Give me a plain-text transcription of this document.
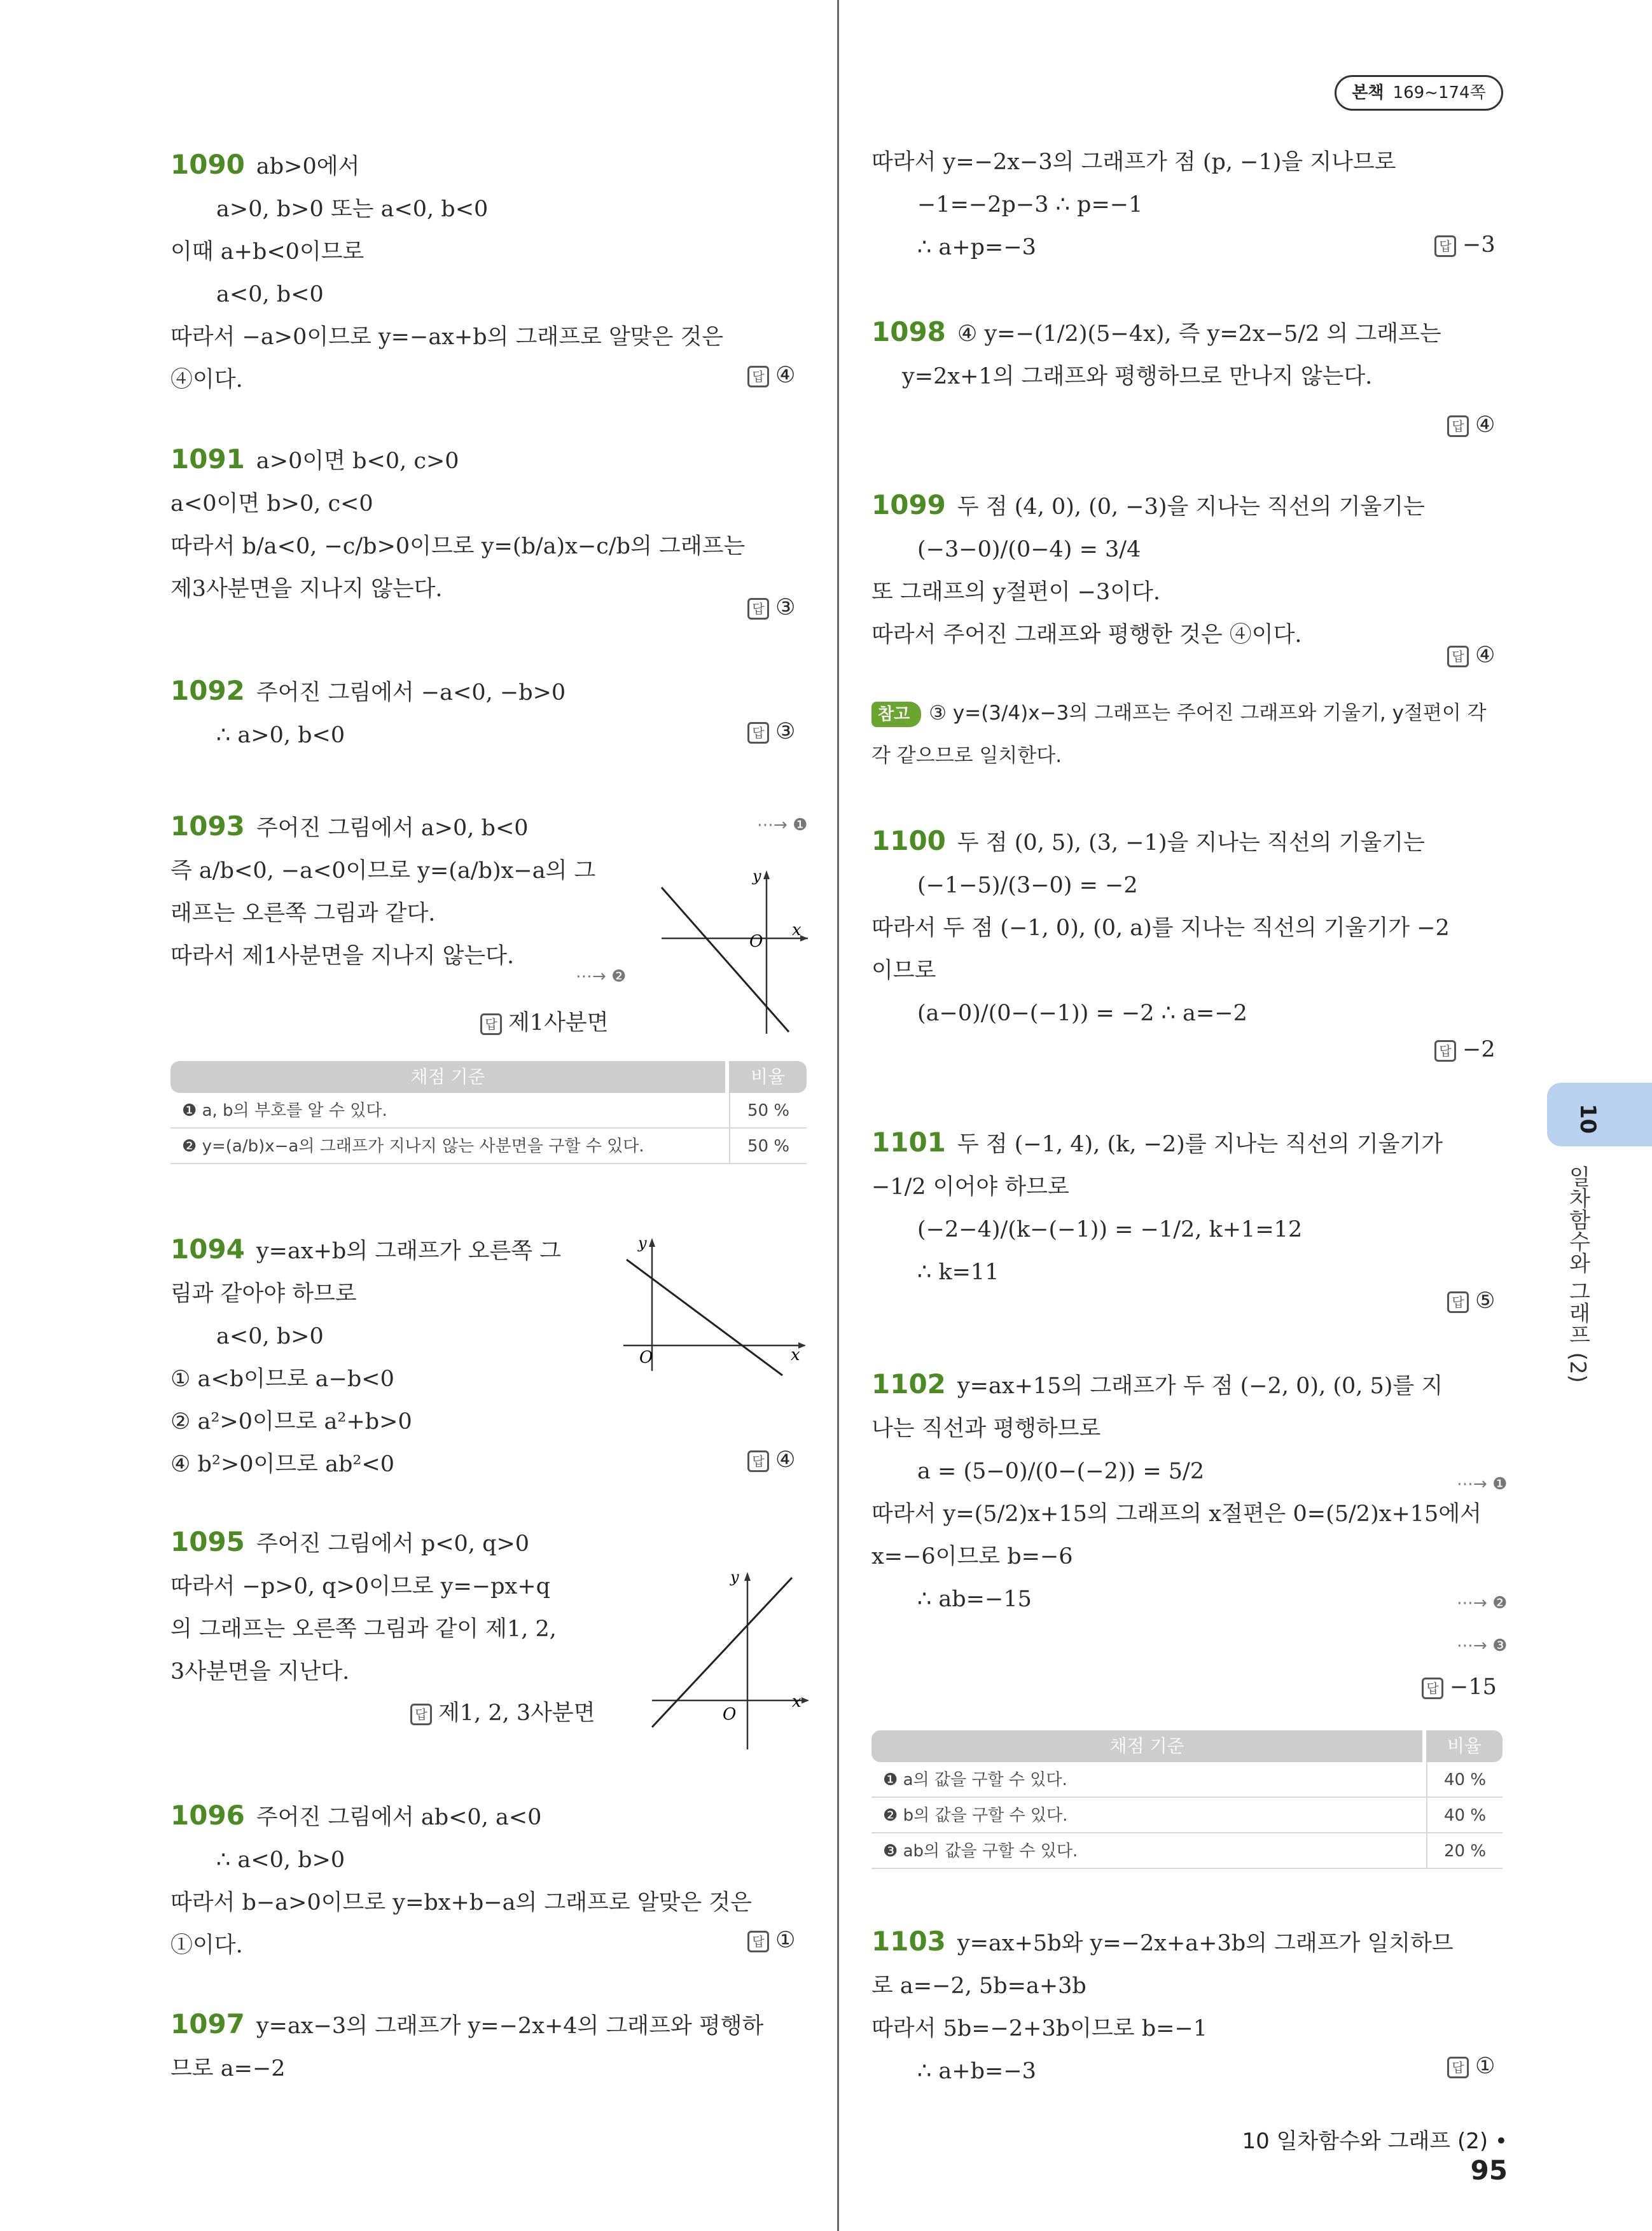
본책 169~174쪽
10
일차함수와 그래프 (2)
1090 ab>0에서
a>0, b>0 또는 a<0, b<0
이때 a+b<0이므로
a<0, b<0
따라서 −a>0이므로 y=−ax+b의 그래프로 알맞은 것은
④이다.	답 ④
1091 a>0이면 b<0, c>0
a<0이면 b>0, c<0
따라서 b/a<0, −c/b>0이므로 y=(b/a)x−c/b의 그래프는
제3사분면을 지나지 않는다.
답 ③
1092 주어진 그림에서 −a<0, −b>0
∴ a>0, b<0	답 ③
1093 주어진 그림에서 a>0, b<0
즉 a/b<0, −a<0이므로 y=(a/b)x−a의 그
래프는 오른쪽 그림과 같다.
따라서 제1사분면을 지나지 않는다.
⋯→ ❶
⋯→ ❷
답 제1사분면
y
x
O
채점 기준	비율
❶ a, b의 부호를 알 수 있다.	50 %
❷ y=(a/b)x−a의 그래프가 지나지 않는 사분면을 구할 수 있다.	50 %
1094 y=ax+b의 그래프가 오른쪽 그
림과 같아야 하므로
a<0, b>0
① a<b이므로 a−b<0
② a²>0이므로 a²+b>0
④ b²>0이므로 ab²<0	답 ④
y
x
O
1095 주어진 그림에서 p<0, q>0
따라서 −p>0, q>0이므로 y=−px+q
의 그래프는 오른쪽 그림과 같이 제1, 2,
3사분면을 지난다.
답 제1, 2, 3사분면
y
x
O
1096 주어진 그림에서 ab<0, a<0
∴ a<0, b>0
따라서 b−a>0이므로 y=bx+b−a의 그래프로 알맞은 것은
①이다.	답 ①
1097 y=ax−3의 그래프가 y=−2x+4의 그래프와 평행하
므로 a=−2
따라서 y=−2x−3의 그래프가 점 (p, −1)을 지나므로
−1=−2p−3 ∴ p=−1
∴ a+p=−3	답 −3
1098 ④ y=−(1/2)(5−4x), 즉 y=2x−5/2 의 그래프는
y=2x+1의 그래프와 평행하므로 만나지 않는다.
답 ④
1099 두 점 (4, 0), (0, −3)을 지나는 직선의 기울기는
(−3−0)/(0−4) = 3/4
또 그래프의 y절편이 −3이다.
따라서 주어진 그래프와 평행한 것은 ④이다.
답 ④
참고 ③ y=(3/4)x−3의 그래프는 주어진 그래프와 기울기, y절편이 각
각 같으므로 일치한다.
1100 두 점 (0, 5), (3, −1)을 지나는 직선의 기울기는
(−1−5)/(3−0) = −2
따라서 두 점 (−1, 0), (0, a)를 지나는 직선의 기울기가 −2
이므로
(a−0)/(0−(−1)) = −2 ∴ a=−2
답 −2
1101 두 점 (−1, 4), (k, −2)를 지나는 직선의 기울기가
−1/2 이어야 하므로
(−2−4)/(k−(−1)) = −1/2, k+1=12
∴ k=11
답 ⑤
1102 y=ax+15의 그래프가 두 점 (−2, 0), (0, 5)를 지
나는 직선과 평행하므로
a = (5−0)/(0−(−2)) = 5/2
따라서 y=(5/2)x+15의 그래프의 x절편은 0=(5/2)x+15에서
x=−6이므로 b=−6
∴ ab=−15
⋯→ ❶
⋯→ ❷
⋯→ ❸
답 −15
채점 기준	비율
❶ a의 값을 구할 수 있다.	40 %
❷ b의 값을 구할 수 있다.	40 %
❸ ab의 값을 구할 수 있다.	20 %
1103 y=ax+5b와 y=−2x+a+3b의 그래프가 일치하므
로 a=−2, 5b=a+3b
따라서 5b=−2+3b이므로 b=−1
∴ a+b=−3	답 ①
10 일차함수와 그래프 (2) • 95
